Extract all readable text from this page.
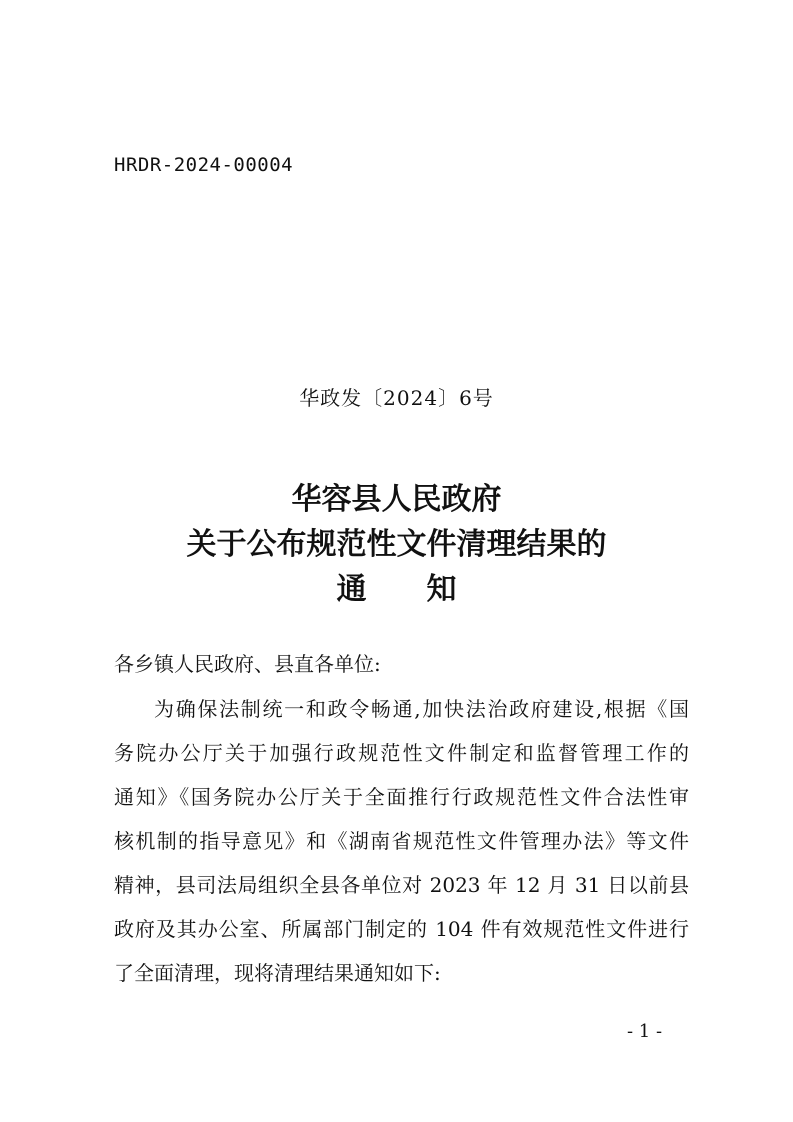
HRDR-2024-00004
华政发〔2024〕6号
华容县人民政府
关于公布规范性文件清理结果的
通 知
各乡镇人民政府、县直各单位:
为确保法制统一和政令畅通,加快法治政府建设,根据《国
务院办公厅关于加强行政规范性文件制定和监督管理工作的
通知》《国务院办公厅关于全面推行行政规范性文件合法性审
核机制的指导意见》和《湖南省规范性文件管理办法》等文件
精神，县司法局组织全县各单位对 2023 年 12 月 31 日以前县
政府及其办公室、所属部门制定的 104 件有效规范性文件进行
了全面清理，现将清理结果通知如下:
- 1 -
